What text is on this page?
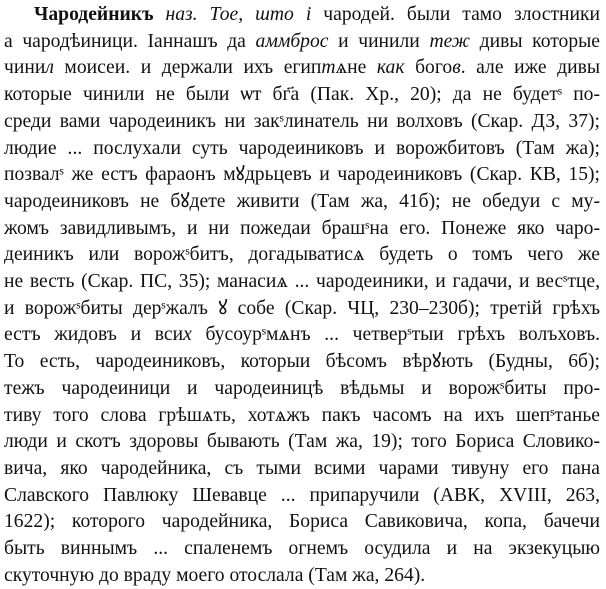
Чародейникъ наз. Тое, што і чародей. были тамо злостники
а чародѣиници. Іаннашъ да аммброс и чинили теж дивы которые
чинил моисеи. и держали ихъ египтѧне как богов. але иже дивы
которые чинили не были ѡт бг҃а (Пак. Хр., 20); да не будетˢ по-
среди вами чародеиникъ ни закˢлинатель ни волховъ (Скар. ДЗ, 37);
людие ... послухали суть чародеиниковъ и ворожбитовъ (Там жа);
позвалˢ же естъ фараонъ мꙋдрьцевъ и чародеиниковъ (Скар. КВ, 15);
чародеиниковъ не бꙋдете живити (Там жа, 41б); не обедуи с му-
жомъ завидливымъ, и ни пожедаи брашˢна его. Понеже яко чаро-
деиникъ или ворожˢбитъ, догадыватисѧ будеть о томъ чего же
не весть (Скар. ПС, 35); манасиѧ ... чародеиники, и гадачи, и весˢтце,
и ворожˢбиты дерˢжалъ ꙋ собе (Скар. ЧЦ, 230–230б); третій грѣхъ
естъ жидовъ и всих бусоурˢмѧнъ ... четверˢтыи грѣхъ волъховъ.
То есть, чародеиниковъ, которыи бѣсомъ вѣрꙋють (Будны, 6б);
тежъ чародеиници и чародеиницѣ вѣдьмы и ворожˢбиты про-
тиву того слова грѣшѧть, хотѧжъ пакъ часомъ на ихъ шепˢтанье
люди и скотъ здоровы бывають (Там жа, 19); того Бориса Словико-
вича, яко чародейника, съ тыми всими чарами тивуну его пана
Славского Павлюку Шевавце ... припаручили (АВК, XVIII, 263,
1622); которого чародейника, Бориса Савиковича, копа, бачечи
быть виннымъ ... спаленемъ огнемъ осудила и на экзекуцыю
скуточную до враду моего отослала (Там жа, 264).
